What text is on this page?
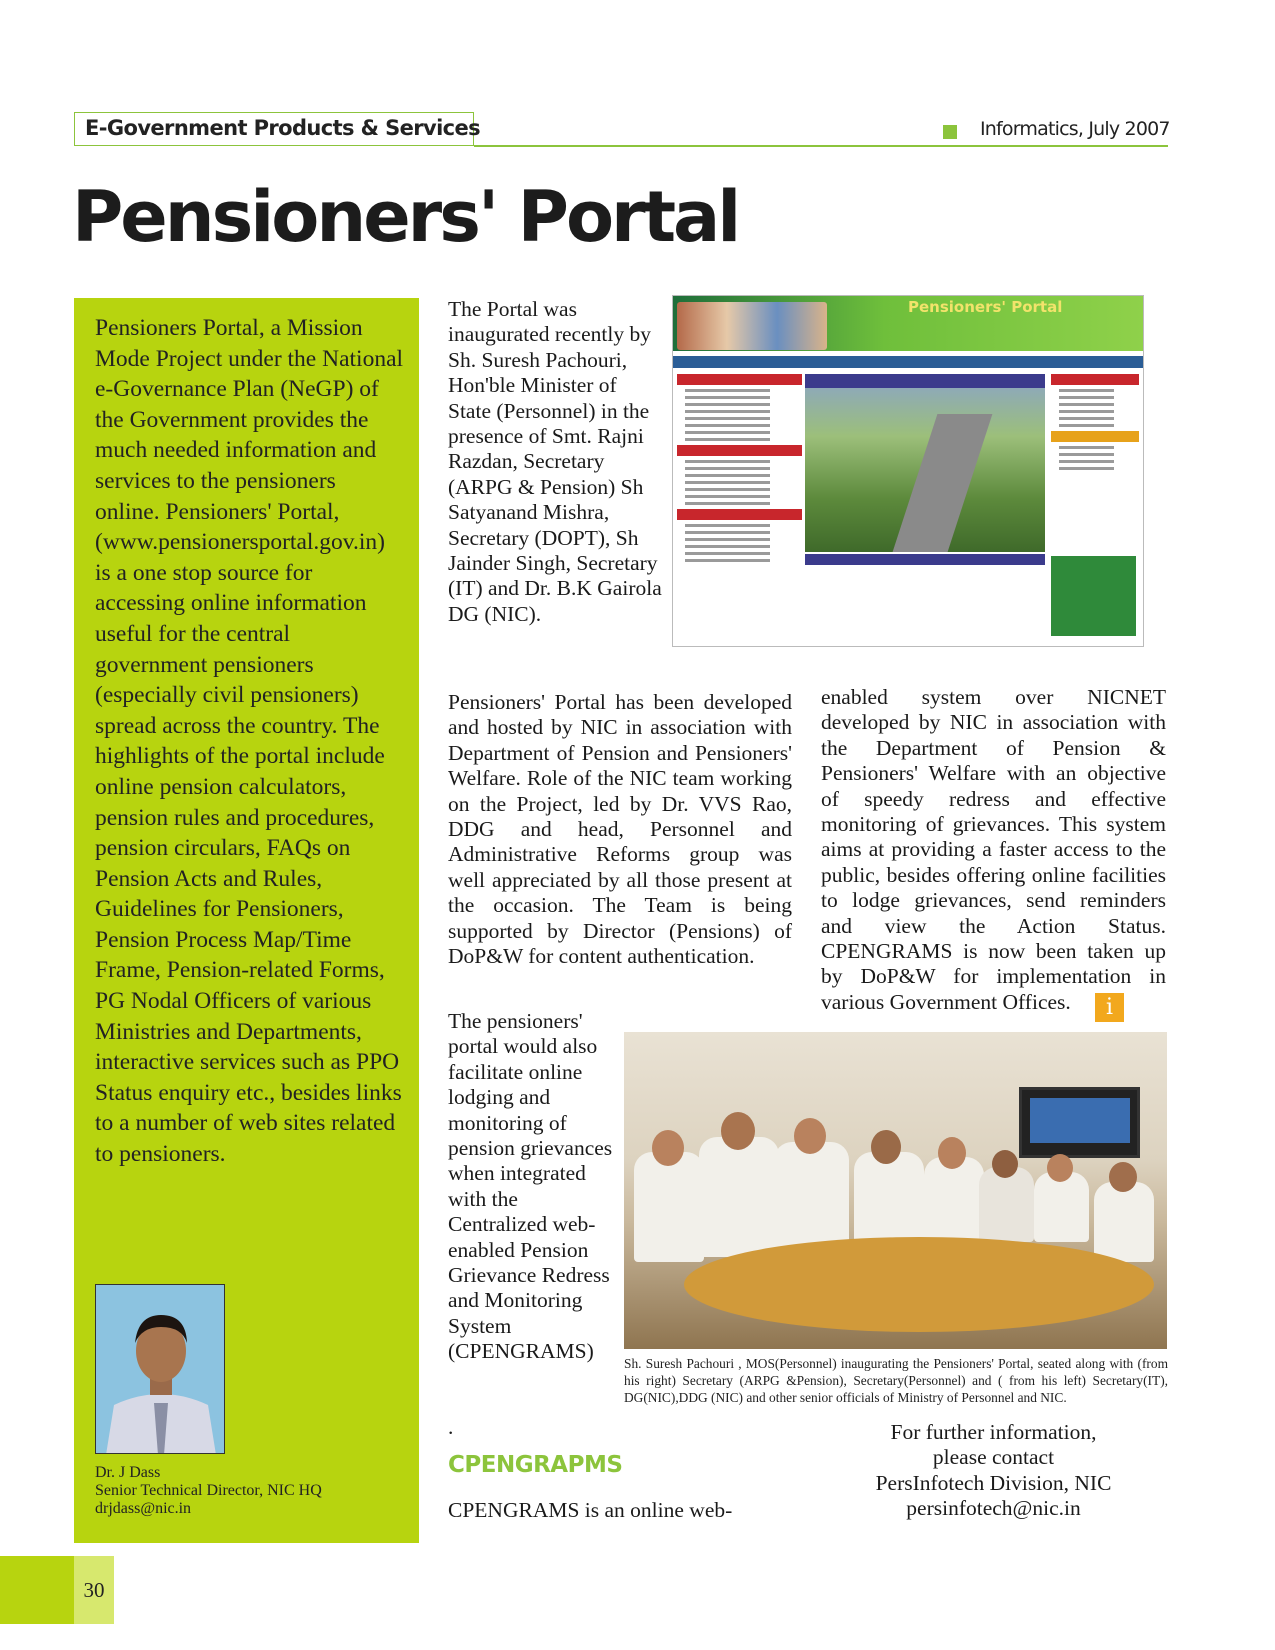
E-Government Products & Services	Informatics, July 2007
Pensioners' Portal
Pensioners Portal, a Mission Mode Project under the National e-Governance Plan (NeGP) of the Government provides the much needed information and services to the pensioners online. Pensioners' Portal, (www.pensionersportal.gov.in) is a one stop source for accessing online information useful for the central government pensioners (especially civil pensioners) spread across the country. The highlights of the portal include online pension calculators, pension rules and procedures, pension circulars, FAQs on Pension Acts and Rules, Guidelines for Pensioners, Pension Process Map/Time Frame, Pension-related Forms, PG Nodal Officers of various Ministries and Departments, interactive services such as PPO Status enquiry etc., besides links to a number of web sites related to pensioners.
Dr. J Dass
Senior Technical Director, NIC HQ
drjdass@nic.in
30
Pensioners' Portal
The Portal was inaugurated recently by Sh. Suresh Pachouri, Hon'ble Minister of State (Personnel) in the presence of Smt. Rajni Razdan, Secretary (ARPG & Pension) Sh Satyanand Mishra, Secretary (DOPT), Sh Jainder Singh, Secretary (IT) and Dr. B.K Gairola DG (NIC).
Pensioners' Portal has been developed and hosted by NIC in association with Department of Pension and Pensioners' Welfare. Role of the NIC team working on the Project, led by Dr. VVS Rao, DDG and head, Personnel and Administrative Reforms group was well appreciated by all those present at the occasion. The Team is being supported by Director (Pensions) of DoP&W for content authentication.
enabled system over NICNET developed by NIC in association with the Department of Pension & Pensioners' Welfare with an objective of speedy redress and effective monitoring of grievances. This system aims at providing a faster access to the public, besides offering online facilities to lodge grievances, send reminders and view the Action Status. CPENGRAMS is now been taken up by DoP&W for implementation in various Government Offices.	i
The pensioners' portal would also facilitate online lodging and monitoring of pension grievances when integrated with the Centralized web-enabled Pension Grievance Redress and Monitoring System (CPENGRAMS)
.
CPENGRAPMS
CPENGRAMS is an online web-
Sh. Suresh Pachouri , MOS(Personnel) inaugurating the Pensioners' Portal, seated along with (from his right) Secretary (ARPG &Pension), Secretary(Personnel) and ( from his left) Secretary(IT), DG(NIC),DDG (NIC) and other senior officials of Ministry of Personnel and NIC.
For further information,
please contact
PersInfotech Division, NIC
persinfotech@nic.in
